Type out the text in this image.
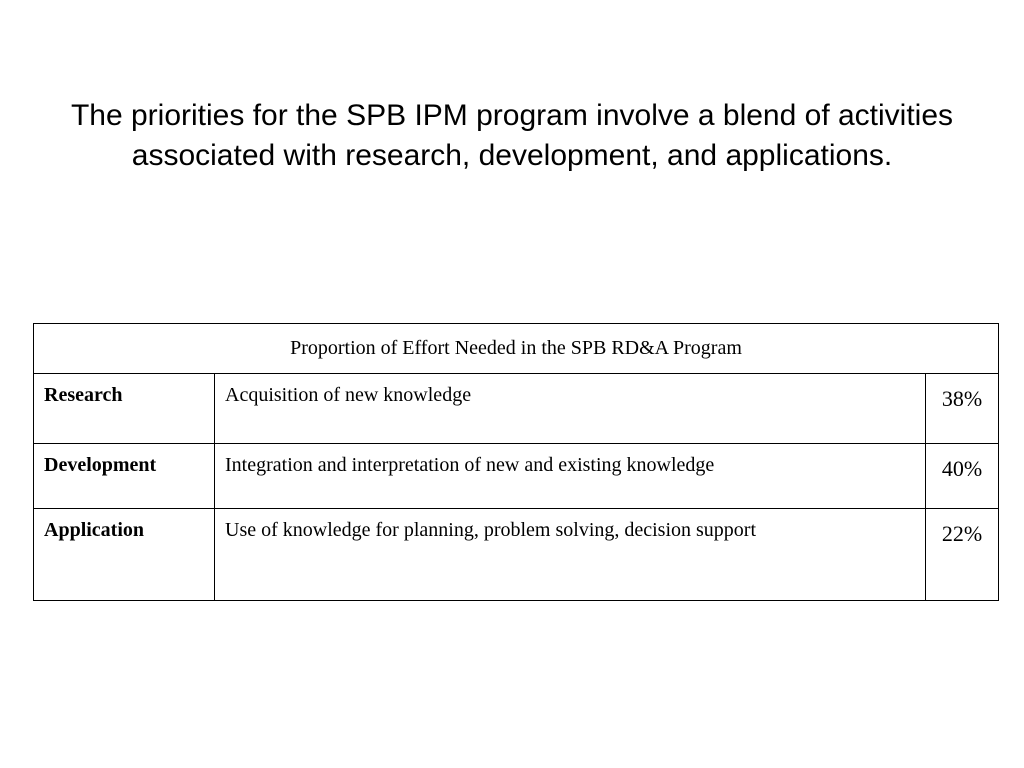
The priorities for the SPB IPM program involve a blend of activities associated with research, development, and applications.
Proportion of Effort Needed in the SPB RD&A Program		
Research	Acquisition of new knowledge	38%
Development	Integration and interpretation of new and existing knowledge	40%
Application	Use of knowledge for planning, problem solving, decision support	22%
